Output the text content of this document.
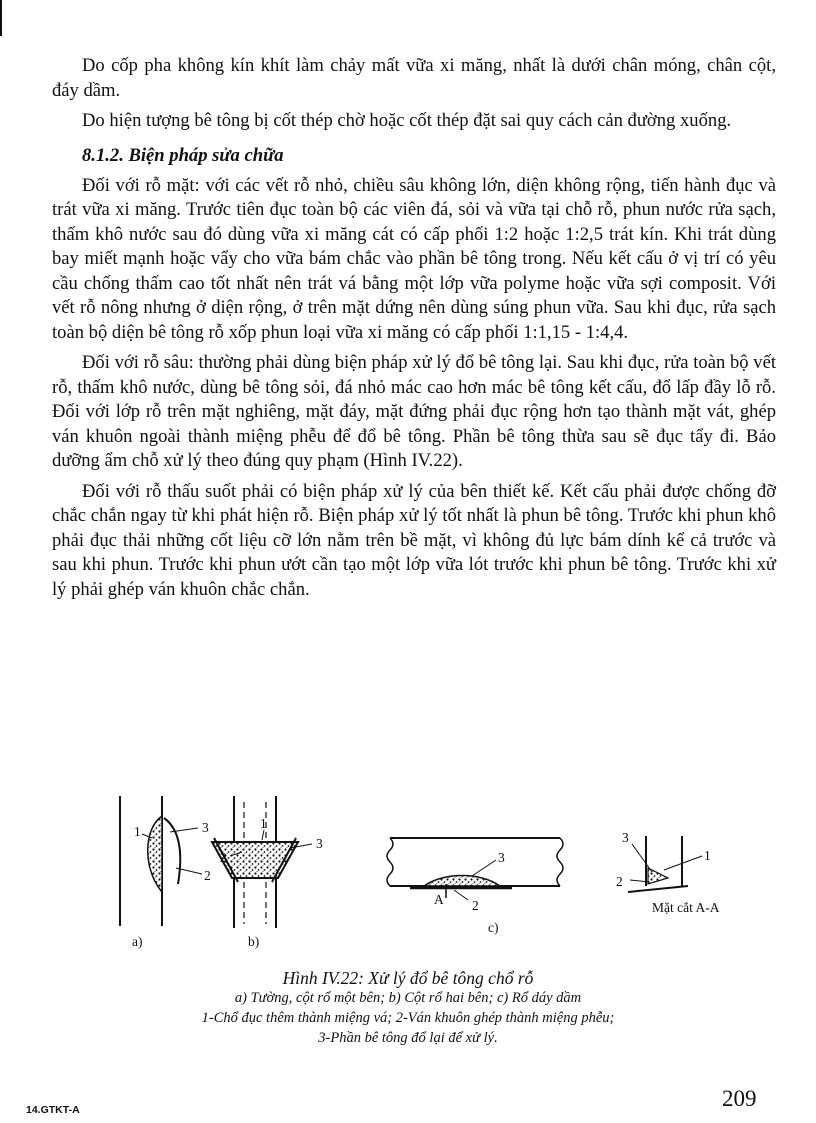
Do cốp pha không kín khít làm chảy mất vữa xi măng, nhất là dưới chân móng, chân cột, đáy dầm.

Do hiện tượng bê tông bị cốt thép chờ hoặc cốt thép đặt sai quy cách cản đường xuống.

8.1.2. Biện pháp sửa chữa

Đối với rỗ mặt: với các vết rỗ nhỏ, chiều sâu không lớn, diện không rộng, tiến hành đục và trát vữa xi măng. Trước tiên đục toàn bộ các viên đá, sỏi và vữa tại chỗ rỗ, phun nước rửa sạch, thấm khô nước sau đó dùng vữa xi măng cát có cấp phối 1:2 hoặc 1:2,5 trát kín. Khi trát dùng bay miết mạnh hoặc vẩy cho vữa bám chắc vào phần bê tông trong. Nếu kết cấu ở vị trí có yêu cầu chống thấm cao tốt nhất nên trát vá bằng một lớp vữa polyme hoặc vữa sợi composit. Với vết rỗ nông nhưng ở diện rộng, ở trên mặt dứng nên dùng súng phun vữa. Sau khi đục, rửa sạch toàn bộ diện bê tông rỗ xốp phun loại vữa xi măng có cấp phối 1:1,15 - 1:4,4.

Đối với rỗ sâu: thường phải dùng biện pháp xử lý đổ bê tông lại. Sau khi đục, rửa toàn bộ vết rỗ, thấm khô nước, dùng bê tông sỏi, đá nhỏ mác cao hơn mác bê tông kết cấu, đổ lấp đầy lỗ rỗ. Đối với lớp rỗ trên mặt nghiêng, mặt đáy, mặt đứng phải đục rộng hơn tạo thành mặt vát, ghép ván khuôn ngoài thành miệng phễu để đổ bê tông. Phần bê tông thừa sau sẽ đục tẩy đi. Bảo dưỡng ẩm chỗ xử lý theo đúng quy phạm (Hình IV.22).

Đối với rỗ thấu suốt phải có biện pháp xử lý của bên thiết kế. Kết cấu phải được chống đỡ chắc chắn ngay từ khi phát hiện rỗ. Biện pháp xử lý tốt nhất là phun bê tông. Trước khi phun khô phải đục thải những cốt liệu cỡ lớn nằm trên bề mặt, vì không đủ lực bám dính kể cả trước và sau khi phun. Trước khi phun ướt cần tạo một lớp vữa lót trước khi phun bê tông. Trước khi xử lý phải ghép ván khuôn chắc chắn.

1	3
2
a)
2
1
3
b)
3
A 2
c)
3
1
2
Mặt cắt A-A
Hình IV.22: Xử lý đổ bê tông chổ rỗ
a) Tường, cột rổ một bên; b) Cột rổ hai bên; c) Rổ dáy dầm
1-Chổ đục thêm thành miệng vá; 2-Ván khuôn ghép thành miệng phễu;
3-Phần bê tông đổ lại để xử lý.
14.GTKT-A	209
